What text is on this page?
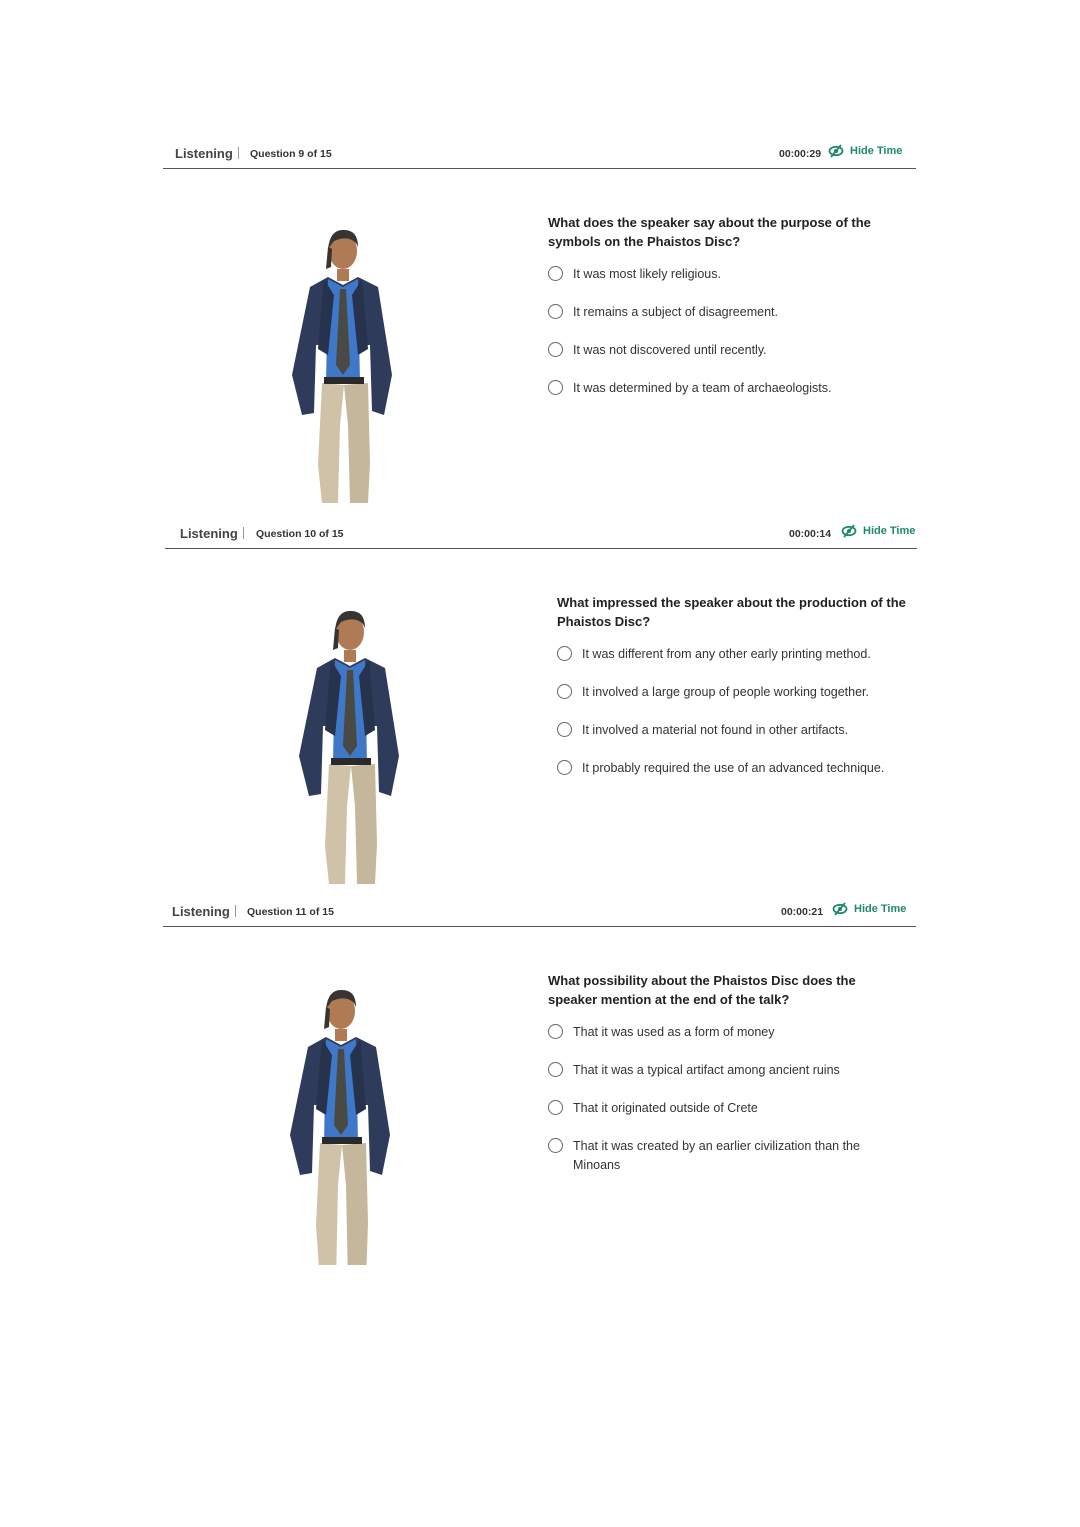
Listening Question 9 of 15	00:00:29	Hide Time

What does the speaker say about the purpose of the symbols on the Phaistos Disc?

It was most likely religious.
It remains a subject of disagreement.
It was not discovered until recently.
It was determined by a team of archaeologists.
Listening Question 10 of 15	00:00:14	Hide Time

What impressed the speaker about the production of the Phaistos Disc?

It was different from any other early printing method.
It involved a large group of people working together.
It involved a material not found in other artifacts.
It probably required the use of an advanced technique.
Listening Question 11 of 15	00:00:21	Hide Time

What possibility about the Phaistos Disc does the speaker mention at the end of the talk?

That it was used as a form of money
That it was a typical artifact among ancient ruins
That it originated outside of Crete
That it was created by an earlier civilization than the Minoans
